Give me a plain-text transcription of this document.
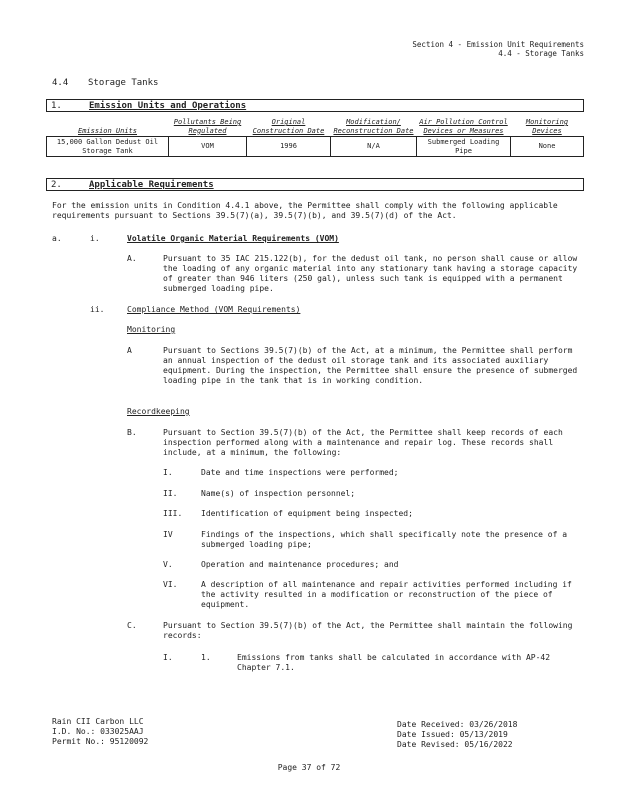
Section 4 - Emission Unit Requirements
4.4 - Storage Tanks
4.4 Storage Tanks
1.	Emission Units and Operations
Emission Units	Pollutants Being Regulated	Original Construction Date	Modification/ Reconstruction Date	Air Pollution Control Devices or Measures	Monitoring Devices
15,000 Gallon Dedust Oil Storage Tank	VOM	1996	N/A	Submerged Loading Pipe	None
2.	Applicable Requirements
For the emission units in Condition 4.4.1 above, the Permittee shall comply with the following applicable requirements pursuant to Sections 39.5(7)(a), 39.5(7)(b), and 39.5(7)(d) of the Act.
a.	i.	Volatile Organic Material Requirements (VOM)
A.	Pursuant to 35 IAC 215.122(b), for the dedust oil tank, no person shall cause or allow the loading of any organic material into any stationary tank having a storage capacity of greater than 946 liters (250 gal), unless such tank is equipped with a permanent submerged loading pipe.
ii.	Compliance Method (VOM Requirements)
Monitoring
A	Pursuant to Sections 39.5(7)(b) of the Act, at a minimum, the Permittee shall perform an annual inspection of the dedust oil storage tank and its associated auxiliary equipment. During the inspection, the Permittee shall ensure the presence of submerged loading pipe in the tank that is in working condition.
Recordkeeping
B.	Pursuant to Section 39.5(7)(b) of the Act, the Permittee shall keep records of each inspection performed along with a maintenance and repair log. These records shall include, at a minimum, the following:
I.	Date and time inspections were performed;
II.	Name(s) of inspection personnel;
III. Identification of equipment being inspected;
IV	Findings of the inspections, which shall specifically note the presence of a submerged loading pipe;
V.	Operation and maintenance procedures; and
VI.	A description of all maintenance and repair activities performed including if the activity resulted in a modification or reconstruction of the piece of equipment.
C.	Pursuant to Section 39.5(7)(b) of the Act, the Permittee shall maintain the following records:
I.	1.	Emissions from tanks shall be calculated in accordance with AP-42 Chapter 7.1.
Rain CII Carbon LLC
I.D. No.: 033025AAJ
Permit No.: 95120092
Date Received: 03/26/2018
Date Issued: 05/13/2019
Date Revised: 05/16/2022
Page 37 of 72
